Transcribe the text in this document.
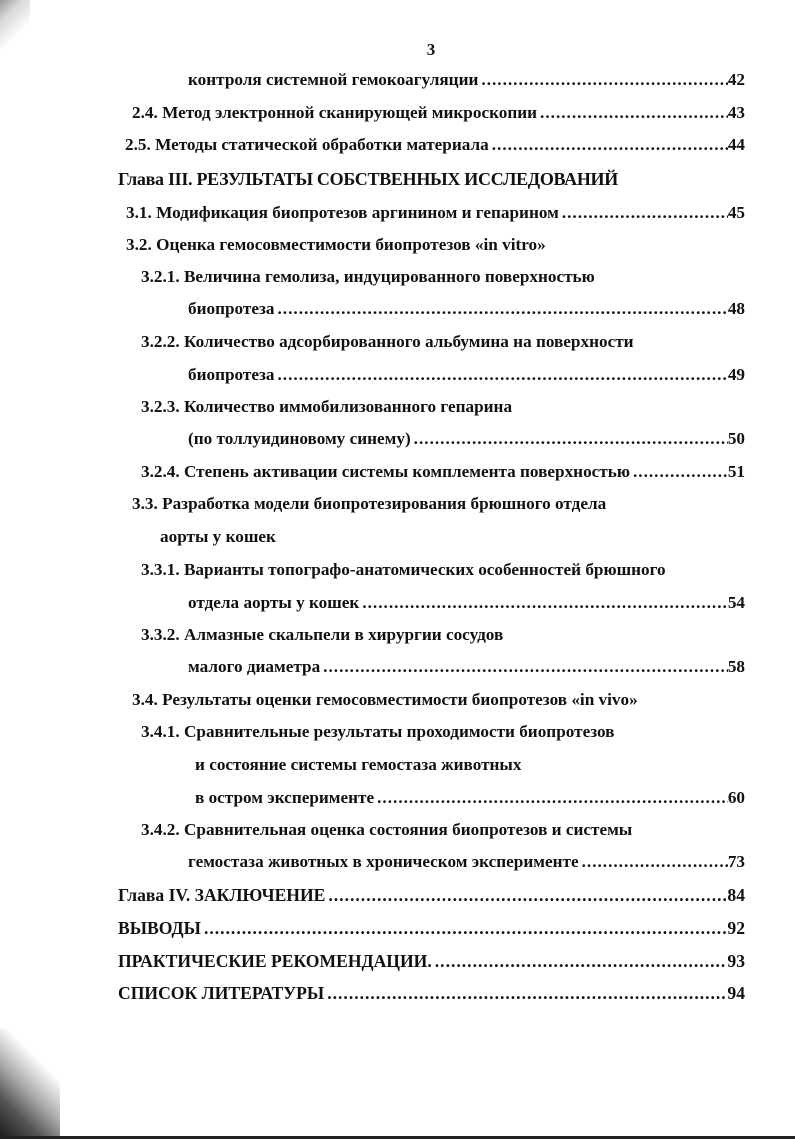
3
контроля системной гемокоагуляции .....	42
2.4. Метод электронной сканирующей микроскопии .....	43
2.5. Методы статической обработки материала .....	44
Глава III. РЕЗУЛЬТАТЫ СОБСТВЕННЫХ ИССЛЕДОВАНИЙ
3.1. Модификация биопротезов аргинином и гепарином .....	45
3.2. Оценка гемосовместимости биопротезов «in vitro»
3.2.1. Величина гемолиза, индуцированного поверхностью
биопротеза .....	48
3.2.2. Количество адсорбированного альбумина на поверхности
биопротеза .....	49
3.2.3. Количество иммобилизованного гепарина
(по толлуидиновому синему) .....	50
3.2.4. Степень активации системы комплемента поверхностью .....	51
3.3. Разработка модели биопротезирования брюшного отдела
аорты у кошек
3.3.1. Варианты топографо-анатомических особенностей брюшного
отдела аорты у кошек .....	54
3.3.2. Алмазные скальпели в хирургии сосудов
малого диаметра .....	58
3.4. Результаты оценки гемосовместимости биопротезов «in vivo»
3.4.1. Сравнительные результаты проходимости биопротезов
и состояние системы гемостаза животных
в остром эксперименте .....	60
3.4.2. Сравнительная оценка состояния биопротезов и системы
гемостаза животных в хроническом эксперименте .....	73
Глава IV. ЗАКЛЮЧЕНИЕ .....	84
ВЫВОДЫ .....	92
ПРАКТИЧЕСКИЕ РЕКОМЕНДАЦИИ. .....	93
СПИСОК ЛИТЕРАТУРЫ .....	94
